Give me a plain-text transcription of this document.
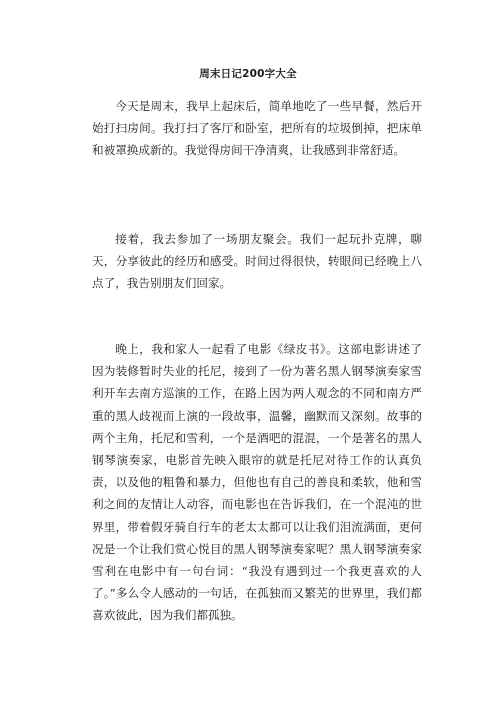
周末日记200字大全

今天是周末，我早上起床后，简单地吃了一些早餐，然后开始打扫房间。我打扫了客厅和卧室，把所有的垃圾倒掉，把床单和被罩换成新的。我觉得房间干净清爽，让我感到非常舒适。

接着，我去参加了一场朋友聚会。我们一起玩扑克牌，聊天，分享彼此的经历和感受。时间过得很快，转眼间已经晚上八点了，我告别朋友们回家。

晚上，我和家人一起看了电影《绿皮书》。这部电影讲述了因为装修暂时失业的托尼，接到了一份为著名黑人钢琴演奏家雪利开车去南方巡演的工作，在路上因为两人观念的不同和南方严重的黑人歧视而上演的一段故事，温馨，幽默而又深刻。故事的两个主角，托尼和雪利，一个是酒吧的混混，一个是著名的黑人钢琴演奏家，电影首先映入眼帘的就是托尼对待工作的认真负责，以及他的粗鲁和暴力，但他也有自己的善良和柔软，他和雪利之间的友情让人动容，而电影也在告诉我们，在一个混沌的世界里，带着假牙骑自行车的老太太都可以让我们泪流满面，更何况是一个让我们赏心悦目的黑人钢琴演奏家呢？黑人钢琴演奏家雪利在电影中有一句台词：“我没有遇到过一个我更喜欢的人了。”多么令人感动的一句话，在孤独而又繁芜的世界里，我们都喜欢彼此，因为我们都孤独。
